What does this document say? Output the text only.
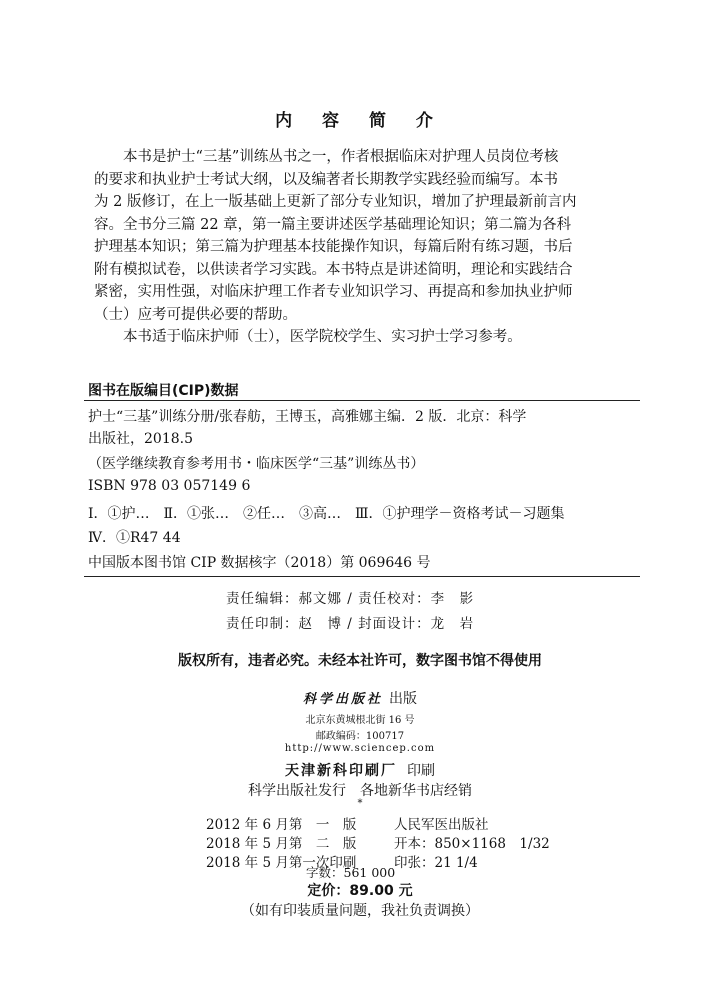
内 容 简 介
本书是护士“三基”训练丛书之一，作者根据临床对护理人员岗位考核
的要求和执业护士考试大纲，以及编著者长期教学实践经验而编写。本书
为 2 版修订，在上一版基础上更新了部分专业知识，增加了护理最新前言内
容。全书分三篇 22 章，第一篇主要讲述医学基础理论知识；第二篇为各科
护理基本知识；第三篇为护理基本技能操作知识，每篇后附有练习题，书后
附有模拟试卷，以供读者学习实践。本书特点是讲述简明，理论和实践结合
紧密，实用性强，对临床护理工作者专业知识学习、再提高和参加执业护师
（士）应考可提供必要的帮助。
本书适于临床护师（士），医学院校学生、实习护士学习参考。
图书在版编目(CIP)数据
护士“三基”训练分册/张春舫，王博玉，高雅娜主编．2 版．北京：科学
出版社，2018.5
（医学继续教育参考用书・临床医学“三基”训练丛书）
ISBN 978 03 057149 6
Ⅰ．①护…　Ⅱ．①张…　②任…　③高…　Ⅲ．①护理学－资格考试－习题集
Ⅳ．①R47 44
中国版本图书馆 CIP 数据核字（2018）第 069646 号
责任编辑：郝文娜 / 责任校对：李　影
责任印制：赵　博 / 封面设计：龙　岩
版权所有，违者必究。未经本社许可，数字图书馆不得使用
科学出版社 出版
北京东黄城根北街 16 号
邮政编码：100717
http://www.sciencep.com
天津新科印刷厂 印刷
科学出版社发行　各地新华书店经销
*
2012 年 6 月第　一　版	人民军医出版社
2018 年 5 月第　二　版	开本：850×1168　1/32
2018 年 5 月第一次印刷	印张：21 1/4
字数：561 000
定价：89.00 元
（如有印装质量问题，我社负责调换）
